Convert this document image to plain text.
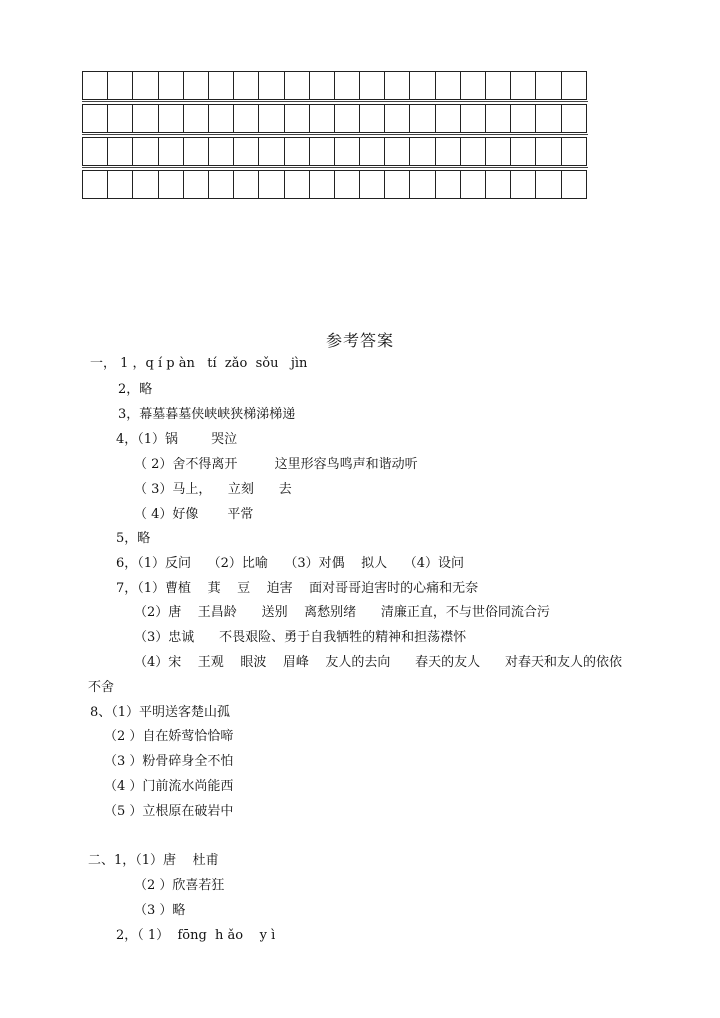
参考答案
一， 1 ，q í p àn   tí  zǎo  sǒu   jìn
2，略
3，幕墓暮墓侠峡峡狭梯涕梯递
4，（1）锅        哭泣
（ 2）舍不得离开         这里形容鸟鸣声和谐动听
（ 3）马上，    立刻      去
（ 4）好像       平常
5，略
6，（1）反问    （2）比喻    （3）对偶    拟人    （4）设问
7，（1）曹植    萁    豆    迫害    面对哥哥迫害时的心痛和无奈
（2）唐    王昌龄      送别    离愁别绪      清廉正直，不与世俗同流合污
（3）忠诚      不畏艰险、勇于自我牺牲的精神和担荡襟怀
（4）宋    王观    眼波    眉峰    友人的去向      春天的友人      对春天和友人的依依
不舍
8、（1）平明送客楚山孤
（2 ）自在娇莺恰恰啼
（3 ）粉骨碎身全不怕
（4 ）门前流水尚能西
（5 ）立根原在破岩中
二、1，（1）唐    杜甫
（2 ）欣喜若狂
（3 ）略
2，（ 1）  fōng  h ǎo    y ì
